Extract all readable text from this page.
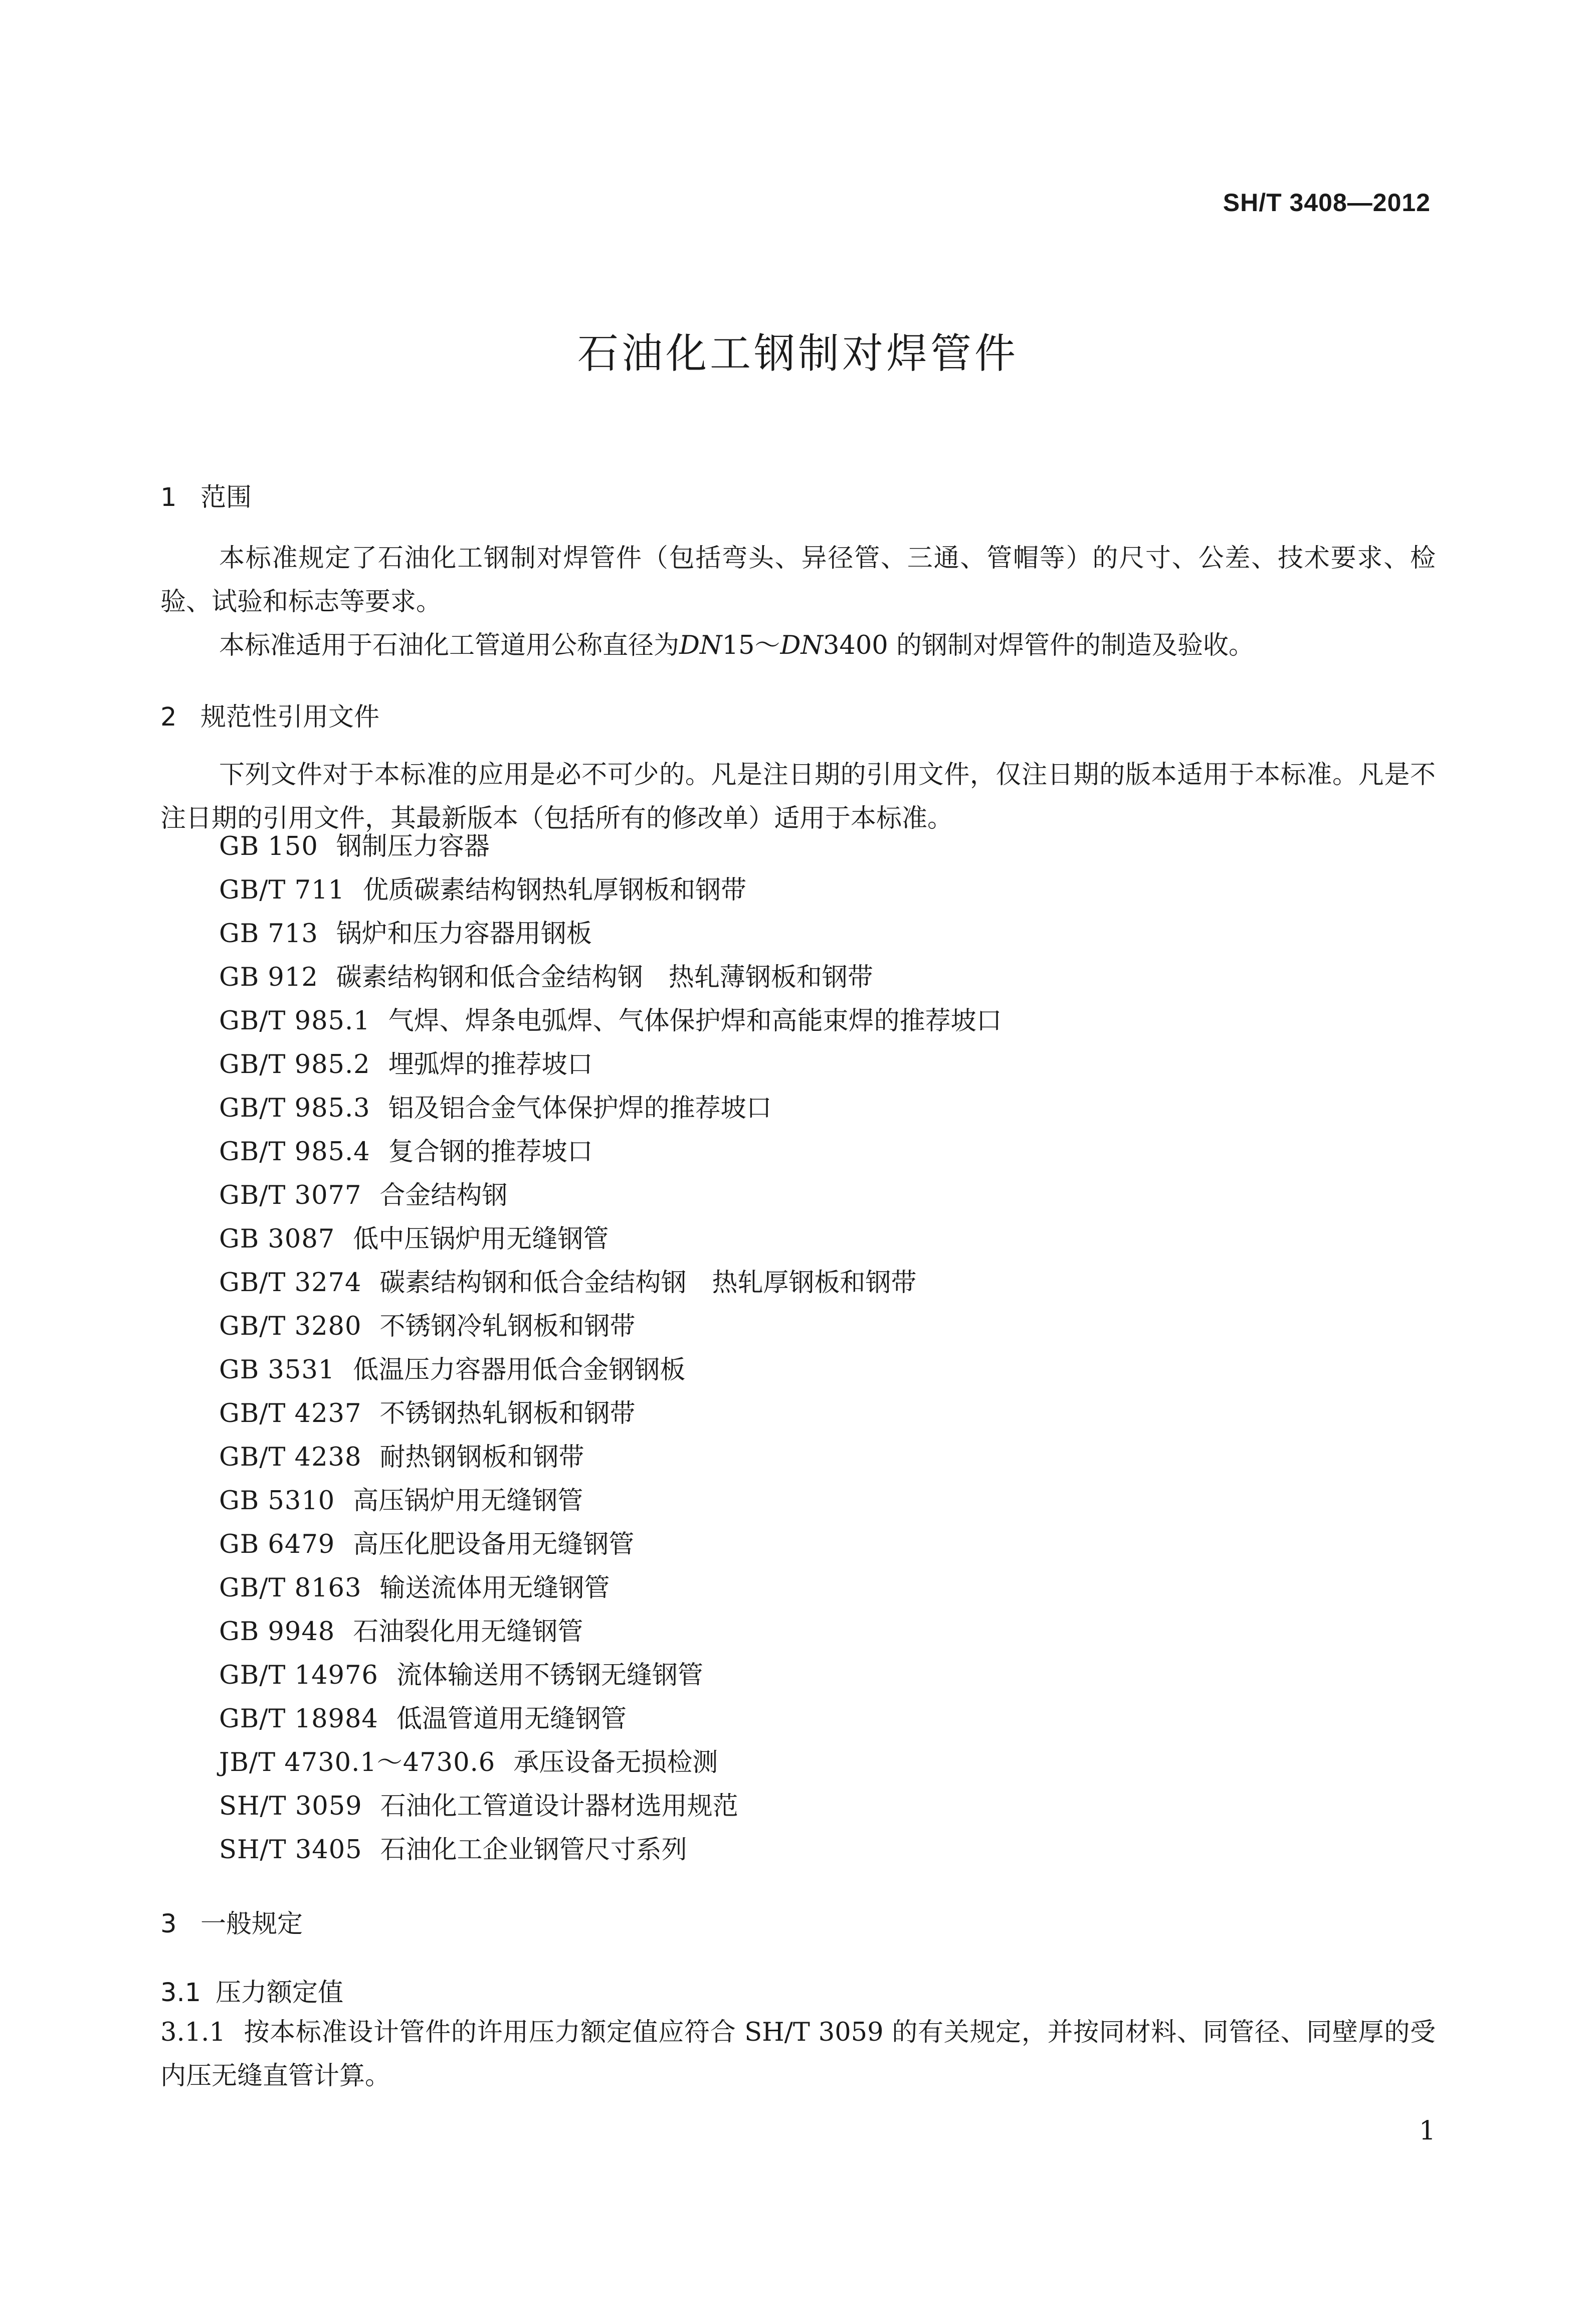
SH/T 3408—2012
石油化工钢制对焊管件
1 范围

本标准规定了石油化工钢制对焊管件（包括弯头、异径管、三通、管帽等）的尺寸、公差、技术要求、检验、试验和标志等要求。

本标准适用于石油化工管道用公称直径为DN15～DN3400 的钢制对焊管件的制造及验收。

2 规范性引用文件

下列文件对于本标准的应用是必不可少的。凡是注日期的引用文件，仅注日期的版本适用于本标准。凡是不注日期的引用文件，其最新版本（包括所有的修改单）适用于本标准。

GB 150 钢制压力容器
GB/T 711 优质碳素结构钢热轧厚钢板和钢带
GB 713 锅炉和压力容器用钢板
GB 912 碳素结构钢和低合金结构钢　热轧薄钢板和钢带
GB/T 985.1 气焊、焊条电弧焊、气体保护焊和高能束焊的推荐坡口
GB/T 985.2 埋弧焊的推荐坡口
GB/T 985.3 铝及铝合金气体保护焊的推荐坡口
GB/T 985.4 复合钢的推荐坡口
GB/T 3077 合金结构钢
GB 3087 低中压锅炉用无缝钢管
GB/T 3274 碳素结构钢和低合金结构钢　热轧厚钢板和钢带
GB/T 3280 不锈钢冷轧钢板和钢带
GB 3531 低温压力容器用低合金钢钢板
GB/T 4237 不锈钢热轧钢板和钢带
GB/T 4238 耐热钢钢板和钢带
GB 5310 高压锅炉用无缝钢管
GB 6479 高压化肥设备用无缝钢管
GB/T 8163 输送流体用无缝钢管
GB 9948 石油裂化用无缝钢管
GB/T 14976 流体输送用不锈钢无缝钢管
GB/T 18984 低温管道用无缝钢管
JB/T 4730.1～4730.6 承压设备无损检测
SH/T 3059 石油化工管道设计器材选用规范
SH/T 3405 石油化工企业钢管尺寸系列
3 一般规定
3.1 压力额定值

3.1.1 按本标准设计管件的许用压力额定值应符合 SH/T 3059 的有关规定，并按同材料、同管径、同壁厚的受内压无缝直管计算。

1
